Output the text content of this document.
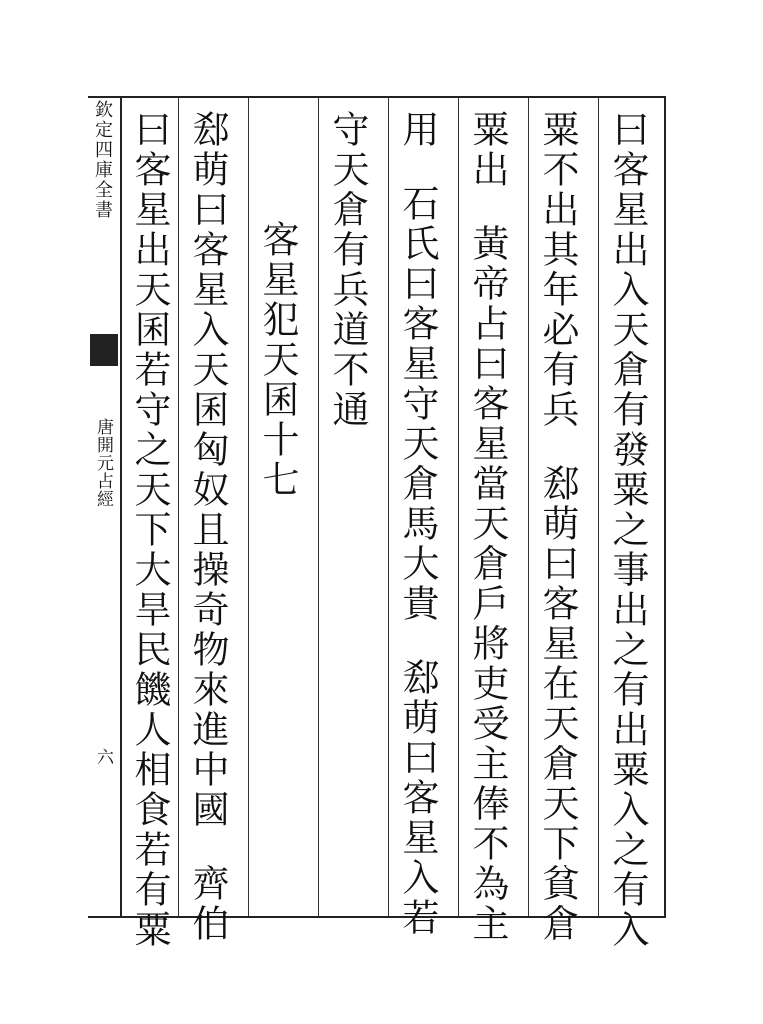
欽定四庫全書
唐開元占經
六	曰客星出入天倉有發粟之事出之有出粟入之有入
粟不出其年必有兵郄萌曰客星在天倉天下貧倉
粟出黃帝占曰客星當天倉戶將吏受主俸不為主
用石氏曰客星守天倉馬大貴郄萌曰客星入若
守天倉有兵道不通
客星犯天囷十七
郄萌曰客星入天囷匈奴且操奇物來進中國齊伯
曰客星出天囷若守之天下大旱民饑人相食若有粟
